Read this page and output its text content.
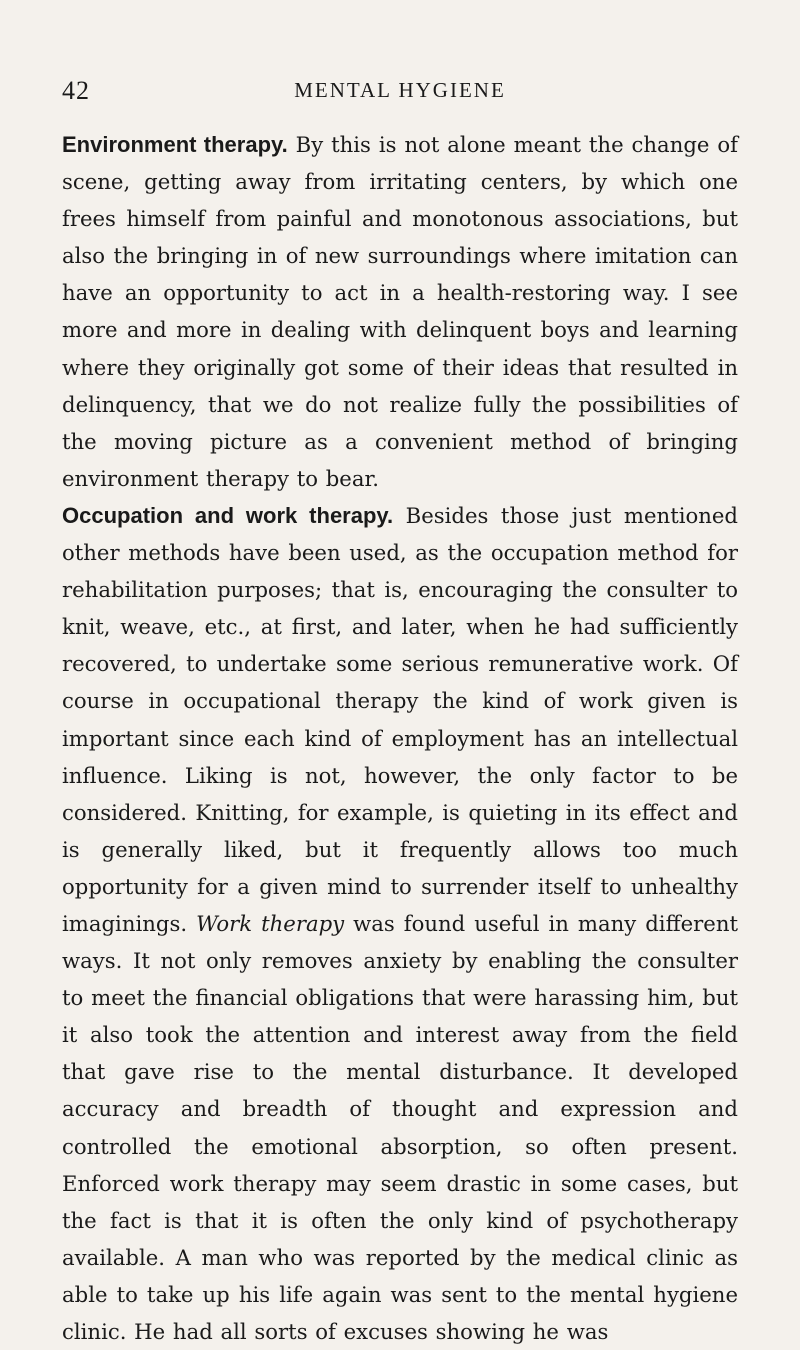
42	MENTAL HYGIENE

Environment therapy. By this is not alone meant the change of scene, getting away from irritating centers, by which one frees himself from painful and monotonous associations, but also the bringing in of new surroundings where imitation can have an opportunity to act in a health-restoring way. I see more and more in dealing with delinquent boys and learning where they originally got some of their ideas that resulted in delinquency, that we do not realize fully the possibilities of the moving picture as a convenient method of bringing environment therapy to bear.

Occupation and work therapy. Besides those just mentioned other methods have been used, as the occupation method for rehabilitation purposes; that is, encouraging the consulter to knit, weave, etc., at first, and later, when he had sufficiently recovered, to undertake some serious remunerative work. Of course in occupational therapy the kind of work given is important since each kind of employment has an intellectual influence. Liking is not, however, the only factor to be considered. Knitting, for example, is quieting in its effect and is generally liked, but it frequently allows too much opportunity for a given mind to surrender itself to unhealthy imaginings. Work therapy was found useful in many different ways. It not only removes anxiety by enabling the consulter to meet the financial obligations that were harassing him, but it also took the attention and interest away from the field that gave rise to the mental disturbance. It developed accuracy and breadth of thought and expression and controlled the emotional absorption, so often present. Enforced work therapy may seem drastic in some cases, but the fact is that it is often the only kind of psychotherapy available. A man who was reported by the medical clinic as able to take up his life again was sent to the mental hygiene clinic. He had all sorts of excuses showing he was
